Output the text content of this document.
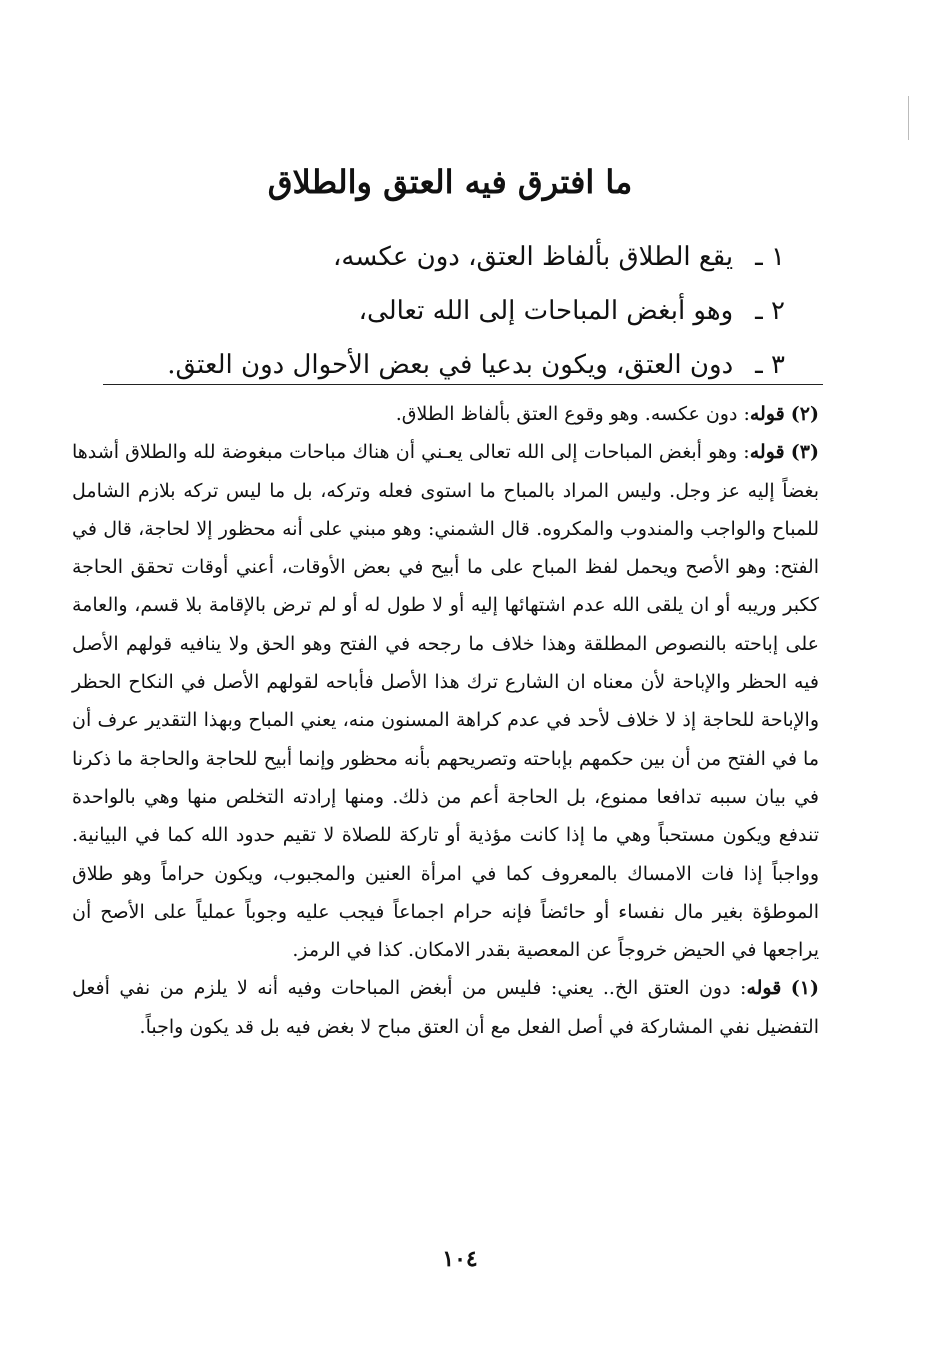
ما افترق فيه العتق والطلاق
١ ـيقع الطلاق بألفاظ العتق، دون عكسه،
٢ ـوهو أبغض المباحات إلى الله تعالى،
٣ ـدون العتق، ويكون بدعيا في بعض الأحوال دون العتق.

(٢) قوله: دون عكسه. وهو وقوع العتق بألفاظ الطلاق.

(٣) قوله: وهو أبغض المباحات إلى الله تعالى يعـني أن هناك مباحات مبغوضة لله والطلاق أشدها بغضاً إليه عز وجل. وليس المراد بالمباح ما استوى فعله وتركه، بل ما ليس تركه بلازم الشامل للمباح والواجب والمندوب والمكروه. قال الشمني: وهو مبني على أنه محظور إلا لحاجة، قال في الفتح: وهو الأصح ويحمل لفظ المباح على ما أبيح في بعض الأوقات، أعني أوقات تحقق الحاجة ككبر وريبه أو ان يلقى الله عدم اشتهائها إليه أو لا طول له أو لم ترض بالإقامة بلا قسم، والعامة على إباحته بالنصوص المطلقة وهذا خلاف ما رجحه في الفتح وهو الحق ولا ينافيه قولهم الأصل فيه الحظر والإباحة لأن معناه ان الشارع ترك هذا الأصل فأباحه لقولهم الأصل في النكاح الحظر والإباحة للحاجة إذ لا خلاف لأحد في عدم كراهة المسنون منه، يعني المباح وبهذا التقدير عرف أن ما في الفتح من أن بين حكمهم بإباحته وتصريحهم بأنه محظور وإنما أبيح للحاجة والحاجة ما ذكرنا في بيان سببه تدافعا ممنوع، بل الحاجة أعم من ذلك. ومنها إرادته التخلص منها وهي بالواحدة تندفع ويكون مستحباً وهي ما إذا كانت مؤذية أو تاركة للصلاة لا تقيم حدود الله كما في البيانية. وواجباً إذا فات الامساك بالمعروف كما في امرأة العنين والمجبوب، ويكون حراماً وهو طلاق الموطؤة بغير مال نفساء أو حائضاً فإنه حرام اجماعاً فيجب عليه وجوباً عملياً على الأصح أن يراجعها في الحيض خروجاً عن المعصية بقدر الامكان. كذا في الرمز.

(١) قوله: دون العتق الخ.. يعني: فليس من أبغض المباحات وفيه أنه لا يلزم من نفي أفعل التفضيل نفي المشاركة في أصل الفعل مع أن العتق مباح لا بغض فيه بل قد يكون واجباً.

١٠٤
